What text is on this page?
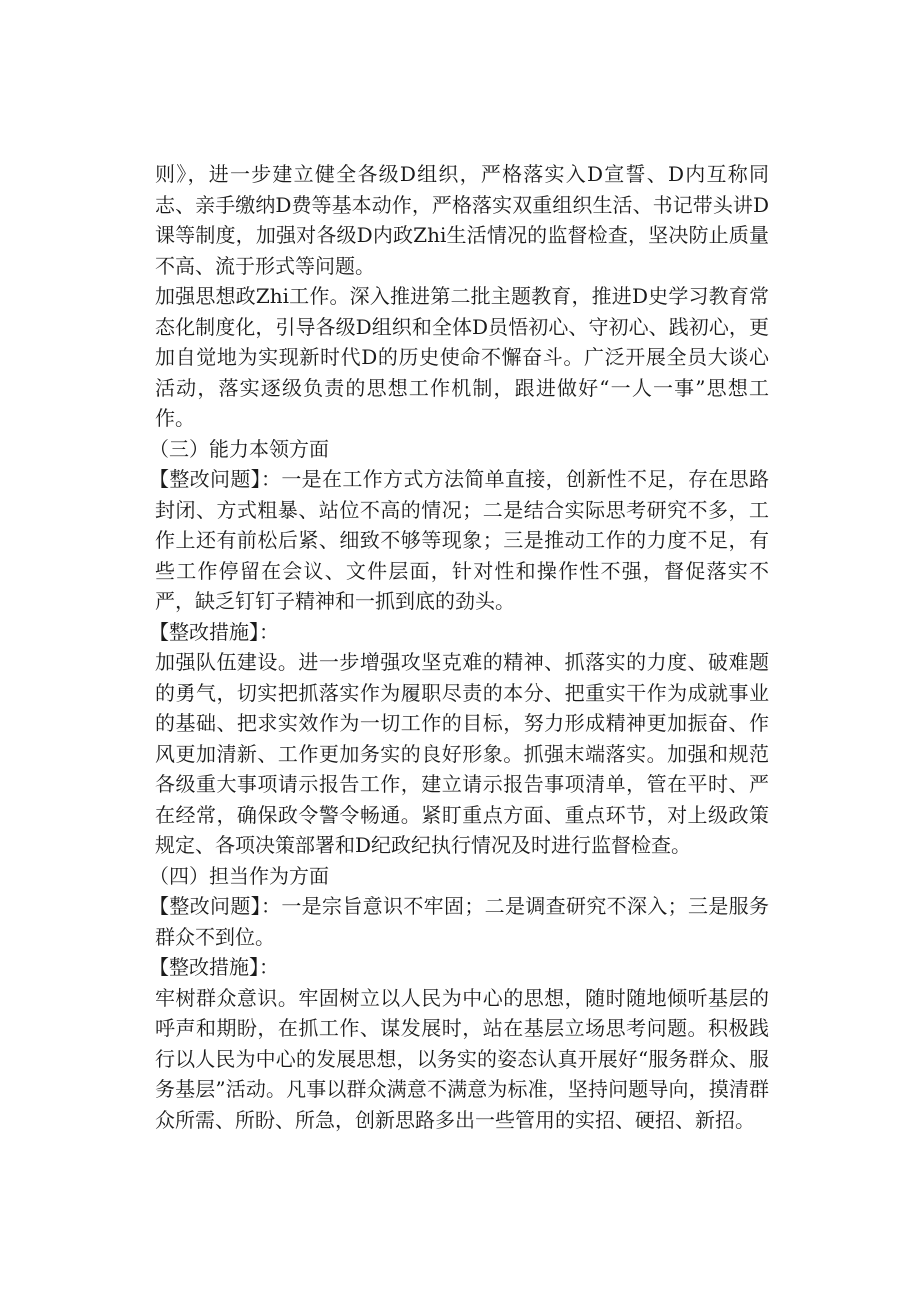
则》，进一步建立健全各级D组织，严格落实入D宣誓、D内互称同志、亲手缴纳D费等基本动作，严格落实双重组织生活、书记带头讲D课等制度，加强对各级D内政Zhi生活情况的监督检查，坚决防止质量不高、流于形式等问题。

加强思想政Zhi工作。深入推进第二批主题教育，推进D史学习教育常态化制度化，引导各级D组织和全体D员悟初心、守初心、践初心，更加自觉地为实现新时代D的历史使命不懈奋斗。广泛开展全员大谈心活动，落实逐级负责的思想工作机制，跟进做好“一人一事”思想工作。

（三）能力本领方面

【整改问题】：一是在工作方式方法简单直接，创新性不足，存在思路封闭、方式粗暴、站位不高的情况；二是结合实际思考研究不多，工作上还有前松后紧、细致不够等现象；三是推动工作的力度不足，有些工作停留在会议、文件层面，针对性和操作性不强，督促落实不严，缺乏钉钉子精神和一抓到底的劲头。

【整改措施】：

加强队伍建设。进一步增强攻坚克难的精神、抓落实的力度、破难题的勇气，切实把抓落实作为履职尽责的本分、把重实干作为成就事业的基础、把求实效作为一切工作的目标，努力形成精神更加振奋、作风更加清新、工作更加务实的良好形象。抓强末端落实。加强和规范各级重大事项请示报告工作，建立请示报告事项清单，管在平时、严在经常，确保政令警令畅通。紧盯重点方面、重点环节，对上级政策规定、各项决策部署和D纪政纪执行情况及时进行监督检查。

（四）担当作为方面

【整改问题】：一是宗旨意识不牢固；二是调查研究不深入；三是服务群众不到位。

【整改措施】：

牢树群众意识。牢固树立以人民为中心的思想，随时随地倾听基层的呼声和期盼，在抓工作、谋发展时，站在基层立场思考问题。积极践行以人民为中心的发展思想，以务实的姿态认真开展好“服务群众、服务基层”活动。凡事以群众满意不满意为标准，坚持问题导向，摸清群众所需、所盼、所急，创新思路多出一些管用的实招、硬招、新招。
